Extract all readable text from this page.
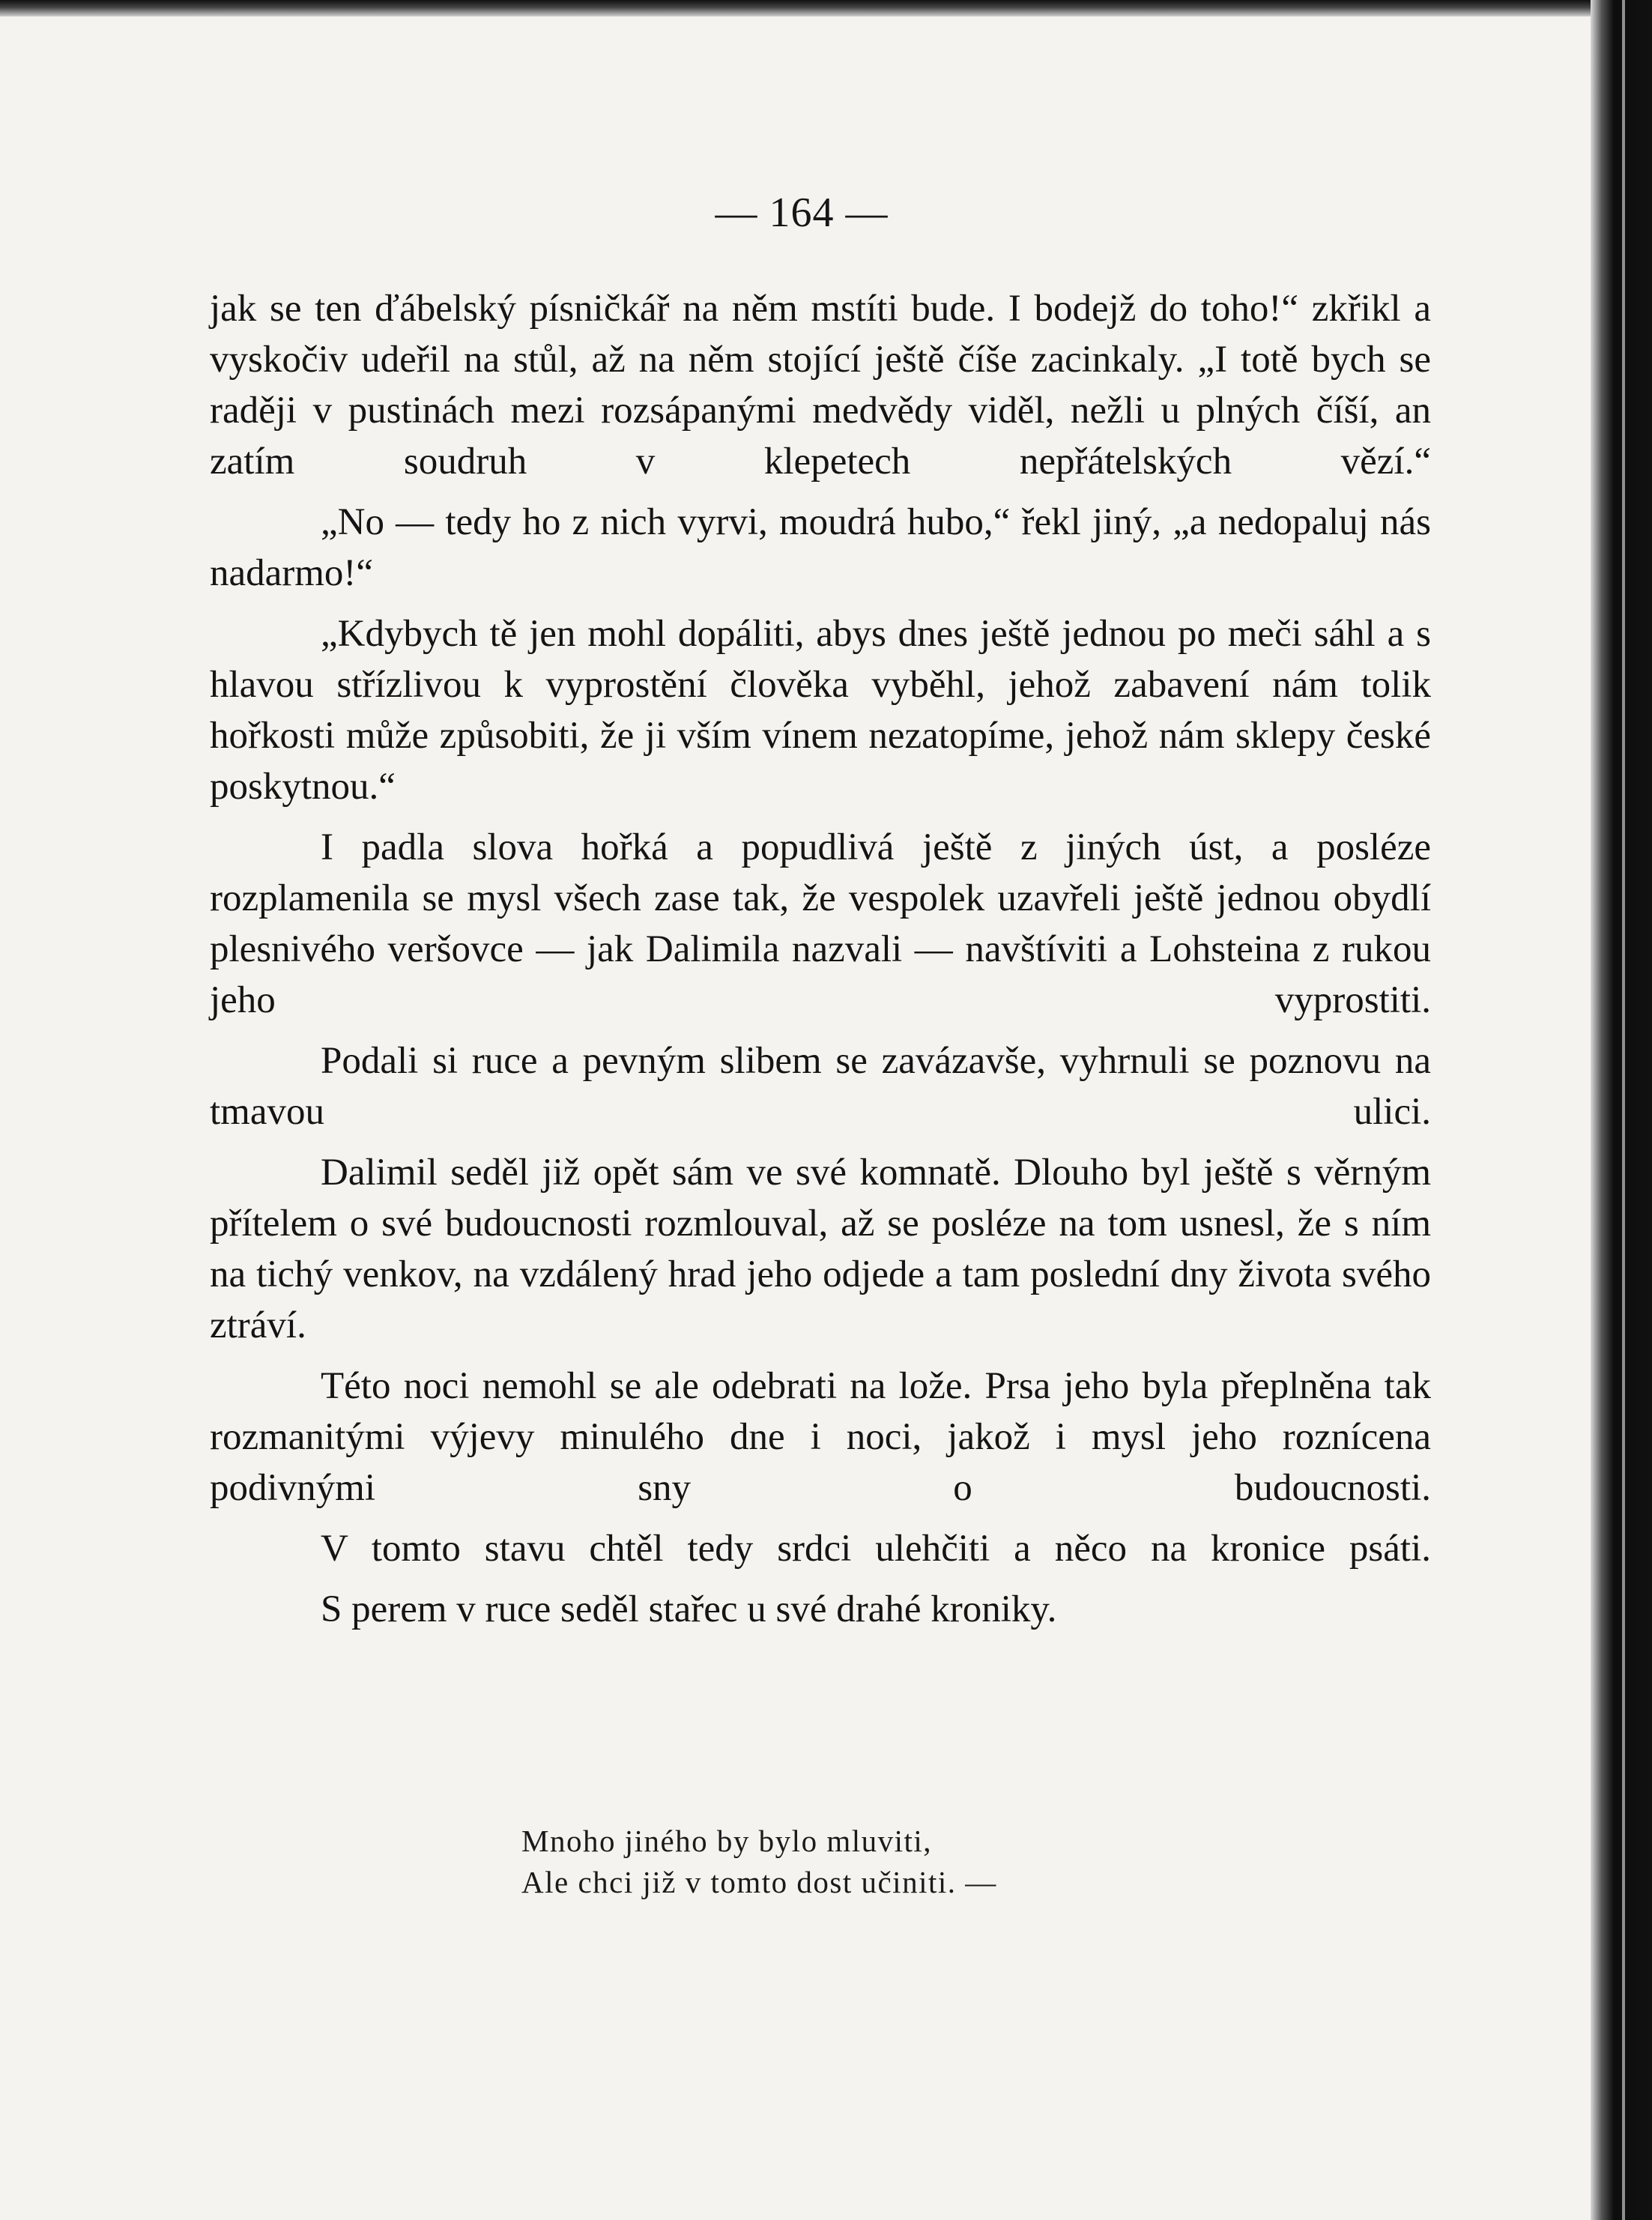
— 164 —

jak se ten ďábelský písničkář na něm mstíti bude. I bodejž do toho!“ zkřikl a vyskočiv udeřil na stůl, až na něm stojící ještě číše zacinkaly. „I totě bych se raději v pustinách mezi rozsápanými medvědy viděl, nežli u plných číší, an zatím soudruh v klepetech nepřátelských vězí.“

„No — tedy ho z nich vyrvi, moudrá hubo,“ řekl jiný, „a nedopaluj nás nadarmo!“

„Kdybych tě jen mohl dopáliti, abys dnes ještě jednou po meči sáhl a s hlavou střízlivou k vyprostění člověka vyběhl, jehož zabavení nám tolik hořkosti může způsobiti, že ji vším vínem nezatopíme, jehož nám sklepy české poskytnou.“

I padla slova hořká a popudlivá ještě z jiných úst, a posléze rozplamenila se mysl všech zase tak, že vespolek uzavřeli ještě jednou obydlí plesnivého veršovce — jak Dalimila nazvali — navštíviti a Lohsteina z rukou jeho vyprostiti.

Podali si ruce a pevným slibem se zavázavše, vyhrnuli se poznovu na tmavou ulici.

Dalimil seděl již opět sám ve své komnatě. Dlouho byl ještě s věrným přítelem o své budoucnosti rozmlouval, až se posléze na tom usnesl, že s ním na tichý venkov, na vzdálený hrad jeho odjede a tam poslední dny života svého ztráví.

Této noci nemohl se ale odebrati na lože. Prsa jeho byla přeplněna tak rozmanitými výjevy minulého dne i noci, jakož i mysl jeho roznícena podivnými sny o budoucnosti.

V tomto stavu chtěl tedy srdci ulehčiti a něco na kronice psáti.

S perem v ruce seděl stařec u své drahé kroniky.

Mnoho jiného by bylo mluviti,
Ale chci již v tomto dost učiniti. —
